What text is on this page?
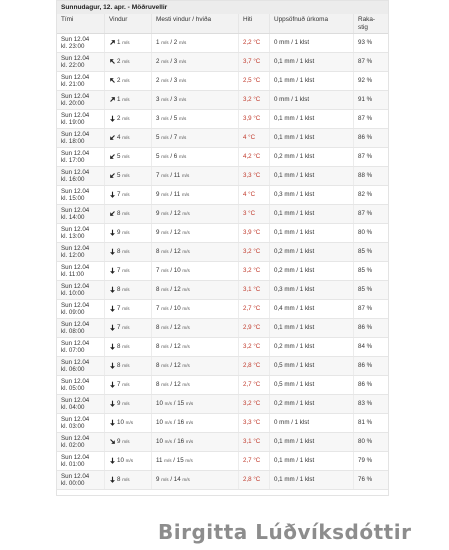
Sunnudagur, 12. apr. - Möðruvellir
Tími	Vindur	Mesti vindur / hviða	Hiti	Uppsöfnuð úrkoma	Raka-
stig
Sun 12.04
kl. 23:00
1 m/s	1 m/s / 2 m/s	2,2 °C	0 mm / 1 klst	93 %
Sun 12.04
kl. 22:00
2 m/s	2 m/s / 3 m/s	3,7 °C	0,1 mm / 1 klst	87 %
Sun 12.04
kl. 21:00
2 m/s	2 m/s / 3 m/s	2,5 °C	0,1 mm / 1 klst	92 %
Sun 12.04
kl. 20:00
1 m/s	3 m/s / 3 m/s	3,2 °C	0 mm / 1 klst	91 %
Sun 12.04
kl. 19:00
2 m/s	3 m/s / 5 m/s	3,9 °C	0,1 mm / 1 klst	87 %
Sun 12.04
kl. 18:00
4 m/s	5 m/s / 7 m/s	4 °C	0,1 mm / 1 klst	86 %
Sun 12.04
kl. 17:00
5 m/s	5 m/s / 6 m/s	4,2 °C	0,2 mm / 1 klst	87 %
Sun 12.04
kl. 16:00
5 m/s	7 m/s / 11 m/s	3,3 °C	0,1 mm / 1 klst	88 %
Sun 12.04
kl. 15:00
7 m/s	9 m/s / 11 m/s	4 °C	0,3 mm / 1 klst	82 %
Sun 12.04
kl. 14:00
8 m/s	9 m/s / 12 m/s	3 °C	0,1 mm / 1 klst	87 %
Sun 12.04
kl. 13:00
9 m/s	9 m/s / 12 m/s	3,9 °C	0,1 mm / 1 klst	80 %
Sun 12.04
kl. 12:00
8 m/s	8 m/s / 12 m/s	3,2 °C	0,2 mm / 1 klst	85 %
Sun 12.04
kl. 11:00
7 m/s	7 m/s / 10 m/s	3,2 °C	0,2 mm / 1 klst	85 %
Sun 12.04
kl. 10:00
8 m/s	8 m/s / 12 m/s	3,1 °C	0,3 mm / 1 klst	85 %
Sun 12.04
kl. 09:00
7 m/s	7 m/s / 10 m/s	2,7 °C	0,4 mm / 1 klst	87 %
Sun 12.04
kl. 08:00
7 m/s	8 m/s / 12 m/s	2,9 °C	0,1 mm / 1 klst	86 %
Sun 12.04
kl. 07:00
8 m/s	8 m/s / 12 m/s	3,2 °C	0,2 mm / 1 klst	84 %
Sun 12.04
kl. 06:00
8 m/s	8 m/s / 12 m/s	2,8 °C	0,5 mm / 1 klst	86 %
Sun 12.04
kl. 05:00
7 m/s	8 m/s / 12 m/s	2,7 °C	0,5 mm / 1 klst	86 %
Sun 12.04
kl. 04:00
9 m/s	10 m/s / 15 m/s	3,2 °C	0,2 mm / 1 klst	83 %
Sun 12.04
kl. 03:00
10 m/s	10 m/s / 16 m/s	3,3 °C	0 mm / 1 klst	81 %
Sun 12.04
kl. 02:00
9 m/s	10 m/s / 16 m/s	3,1 °C	0,1 mm / 1 klst	80 %
Sun 12.04
kl. 01:00
10 m/s	11 m/s / 15 m/s	2,7 °C	0,1 mm / 1 klst	79 %
Sun 12.04
kl. 00:00
8 m/s	9 m/s / 14 m/s	2,8 °C	0,1 mm / 1 klst	76 %
Birgitta Lúðvíksdóttir
